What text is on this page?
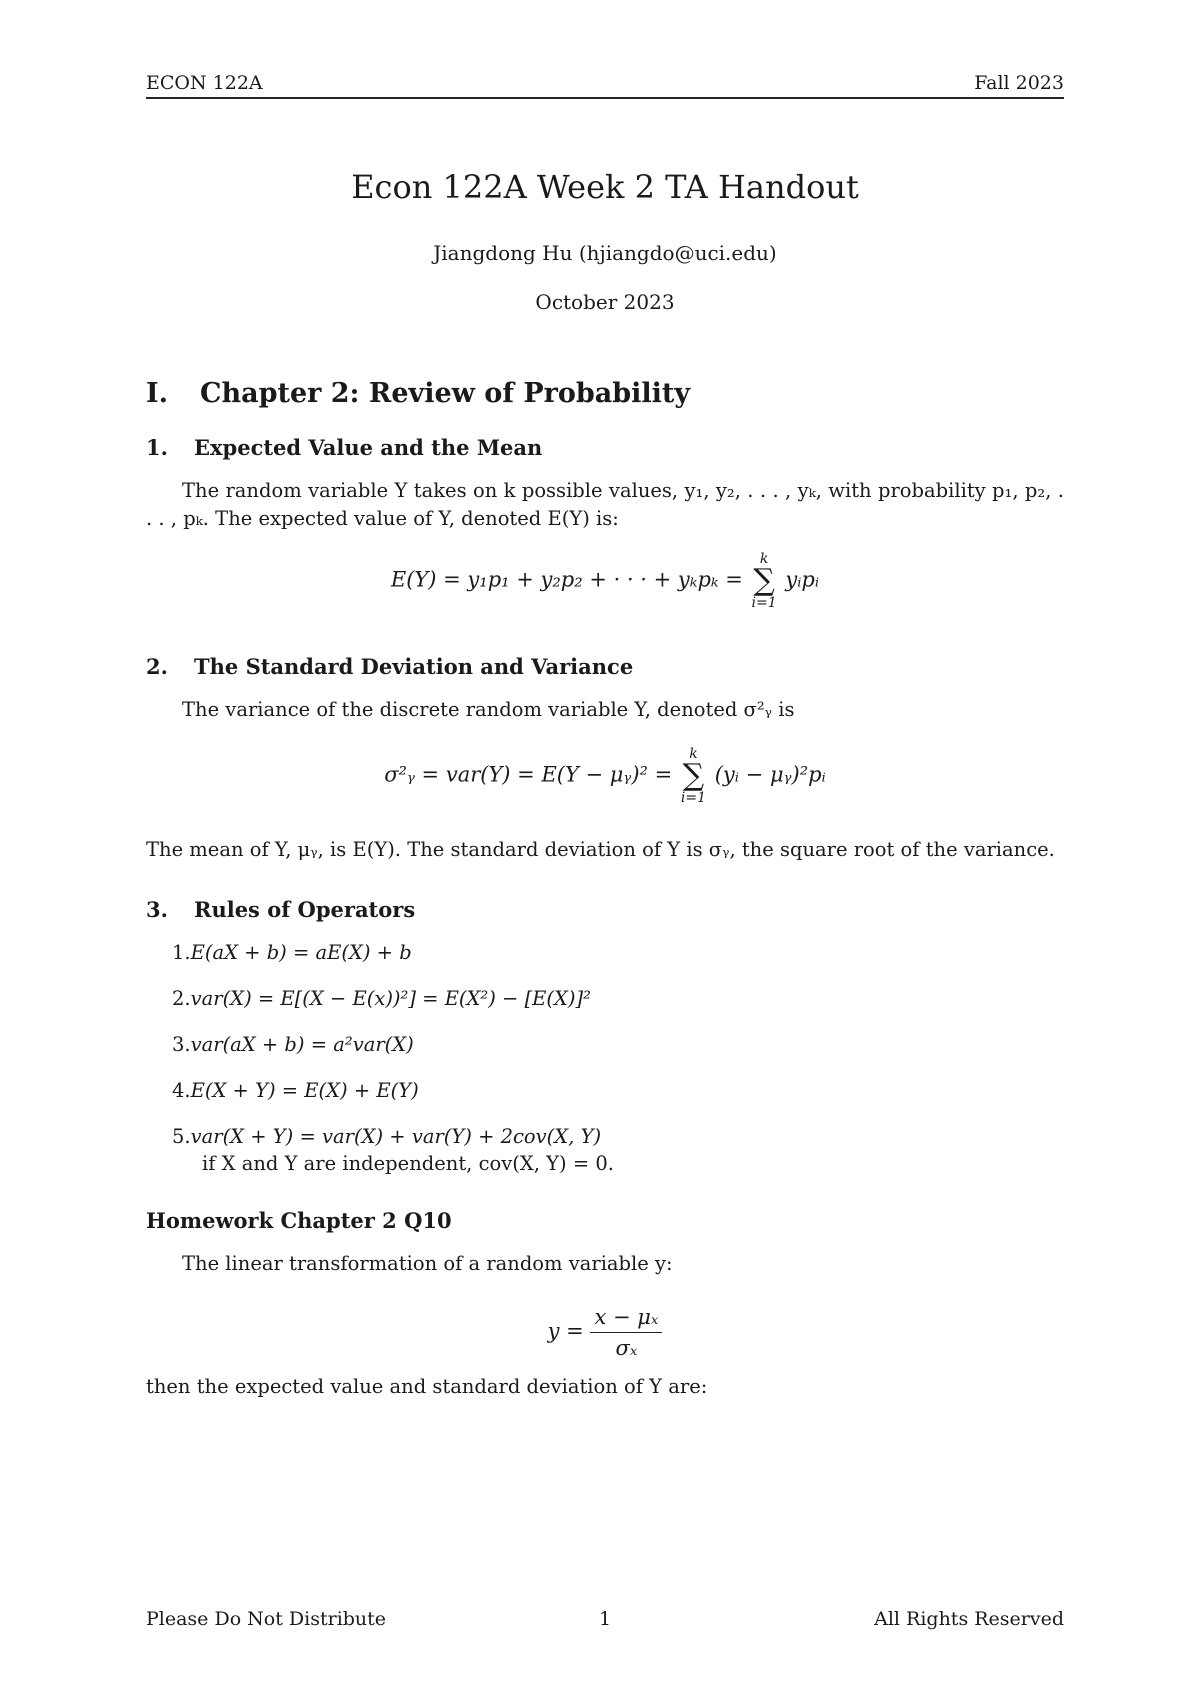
ECON 122A	Fall 2023
Econ 122A Week 2 TA Handout
Jiangdong Hu (hjiangdo@uci.edu)
October 2023
I. Chapter 2: Review of Probability
1. Expected Value and the Mean
The random variable Y takes on k possible values, y₁, y₂, . . . , yₖ, with probability p₁, p₂, . . . , pₖ. The expected value of Y, denoted E(Y) is:
E(Y) = y₁p₁ + y₂p₂ + · · · + yₖpₖ =
k
∑
i=1
yᵢpᵢ
2. The Standard Deviation and Variance
The variance of the discrete random variable Y, denoted σ²ᵧ is
σ²ᵧ = var(Y) = E(Y − μᵧ)² =
k
∑
i=1
(yᵢ − μᵧ)²pᵢ
The mean of Y, μᵧ, is E(Y). The standard deviation of Y is σᵧ, the square root of the variance.
3. Rules of Operators
1.E(aX + b) = aE(X) + b
2.var(X) = E[(X − E(x))²] = E(X²) − [E(X)]²
3.var(aX + b) = a²var(X)
4.E(X + Y) = E(X) + E(Y)
5.var(X + Y) = var(X) + var(Y) + 2cov(X, Y)
if X and Y are independent, cov(X, Y) = 0.
Homework Chapter 2 Q10
The linear transformation of a random variable y:
$y = \frac{\text{x − μₓ}}{\text{σₓ}}$
then the expected value and standard deviation of Y are:
Please Do Not Distribute	1	All Rights Reserved
